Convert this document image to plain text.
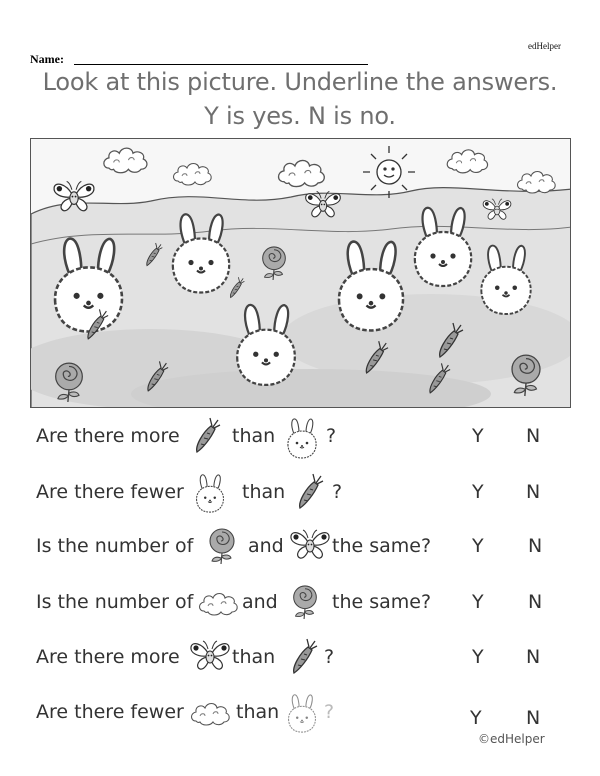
edHelper
Name:
Look at this picture. Underline the answers.
Y is yes. N is no.
Are there more	than	?	Y N
Are there fewer	than ?	Y N
Is the number of	and	the same? Y N
Is the number of	and	the same? Y N
Are there more	than	?	Y N
Are there fewer	than ?	Y N
©edHelper
